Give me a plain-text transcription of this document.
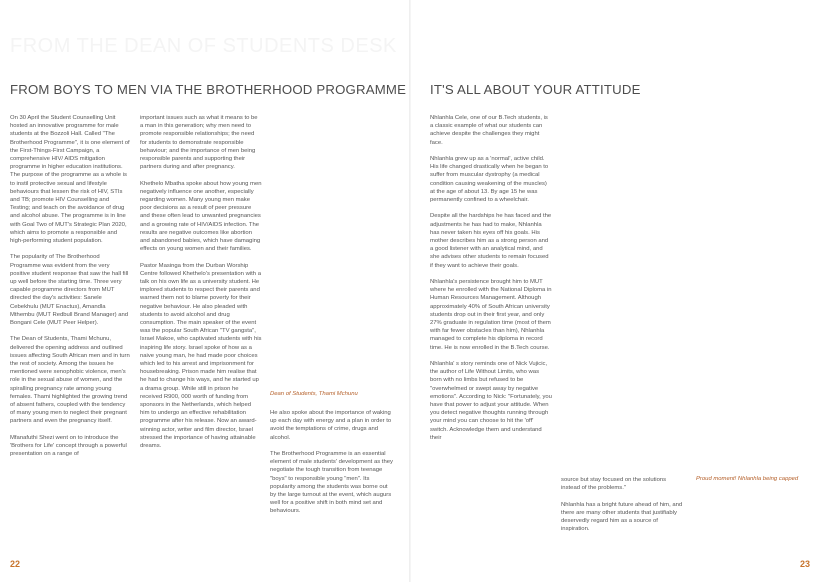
FROM THE DEAN OF STUDENTS DESK
FROM BOYS TO MEN VIA THE BROTHERHOOD PROGRAMME

On 30 April the Student Counselling Unit hosted an innovative programme for male students at the Bozzoli Hall. Called "The Brotherhood Programme", it is one element of the First-Things-First Campaign, a comprehensive HIV/ AIDS mitigation programme in higher education institutions. The purpose of the programme as a whole is to instil protective sexual and lifestyle behaviours that lessen the risk of HIV, STIs and TB; promote HIV Counselling and Testing; and teach on the avoidance of drug and alcohol abuse. The programme is in line with Goal Two of MUT's Strategic Plan 2020, which aims to promote a responsible and high-performing student population.

The popularity of The Brotherhood Programme was evident from the very positive student response that saw the hall fill up well before the starting time. Three very capable programme directors from MUT directed the day's activities: Sanele Cebekhulu (MUT Enactus), Amandla Mthembu (MUT Redbull Brand Manager) and Bongani Cele (MUT Peer Helper).

The Dean of Students, Thami Mchunu, delivered the opening address and outlined issues affecting South African men and in turn the rest of society. Among the issues he mentioned were xenophobic violence, men's role in the sexual abuse of women, and the spiralling pregnancy rate among young females. Thami highlighted the growing trend of absent fathers, coupled with the tendency of many young men to neglect their pregnant partners and even the pregnancy itself.

Mfanafuthi Shezi went on to introduce the 'Brothers for Life' concept through a powerful presentation on a range of

important issues such as what it means to be a man in this generation; why men need to promote responsible relationships; the need for students to demonstrate responsible behaviour; and the importance of men being responsible parents and supporting their partners during and after pregnancy.

Khethelo Mbatha spoke about how young men negatively influence one another, especially regarding women. Many young men make poor decisions as a result of peer pressure and these often lead to unwanted pregnancies and a growing rate of HIV/AIDS infection. The results are negative outcomes like abortion and abandoned babies, which have damaging effects on young women and their families.

Pastor Masinga from the Durban Worship Centre followed Khethelo's presentation with a talk on his own life as a university student. He implored students to respect their parents and warned them not to blame poverty for their negative behaviour. He also pleaded with students to avoid alcohol and drug consumption. The main speaker of the event was the popular South African "TV gangsta", Israel Makoe, who captivated students with his inspiring life story. Israel spoke of how as a naive young man, he had made poor choices which led to his arrest and imprisonment for housebreaking. Prison made him realise that he had to change his ways, and he started up a drama group. While still in prison he received R900, 000 worth of funding from sponsors in the Netherlands, which helped him to undergo an effective rehabilitation programme after his release. Now an award-winning actor, writer and film director, Israel stressed the importance of having attainable dreams.

Dean of Students, Thami Mchunu

He also spoke about the importance of waking up each day with energy and a plan in order to avoid the temptations of crime, drugs and alcohol.

The Brotherhood Programme is an essential element of male students' development as they negotiate the tough transition from teenage "boys" to responsible young "men". Its popularity among the students was borne out by the large turnout at the event, which augurs well for a positive shift in both mind set and behaviours.

22
IT'S ALL ABOUT YOUR ATTITUDE

Nhlanhla Cele, one of our B.Tech students, is a classic example of what our students can achieve despite the challenges they might face.

Nhlanhla grew up as a 'normal', active child. His life changed drastically when he began to suffer from muscular dystrophy (a medical condition causing weakening of the muscles) at the age of about 13. By age 15 he was permanently confined to a wheelchair.

Despite all the hardships he has faced and the adjustments he has had to make, Nhlanhla has never taken his eyes off his goals. His mother describes him as a strong person and a good listener with an analytical mind, and she advises other students to remain focused if they want to achieve their goals.

Nhlanhla's persistence brought him to MUT where he enrolled with the National Diploma in Human Resources Management. Although approximately 40% of South African university students drop out in their first year, and only 27% graduate in regulation time (most of them with far fewer obstacles than him), Nhlanhla managed to complete his diploma in record time. He is now enrolled in the B.Tech course.

Nhlanhla' s story reminds one of Nick Vujicic, the author of Life Without Limits, who was born with no limbs but refused to be "overwhelmed or swept away by negative emotions". According to Nick: "Fortunately, you have that power to adjust your attitude. When you detect negative thoughts running through your mind you can choose to hit the 'off' switch. Acknowledge them and understand their

source but stay focused on the solutions instead of the problems."

Nhlanhla has a bright future ahead of him, and there are many other students that justifiably deservedly regard him as a source of inspiration.

Proud moment! Nhlanhla being capped
23
